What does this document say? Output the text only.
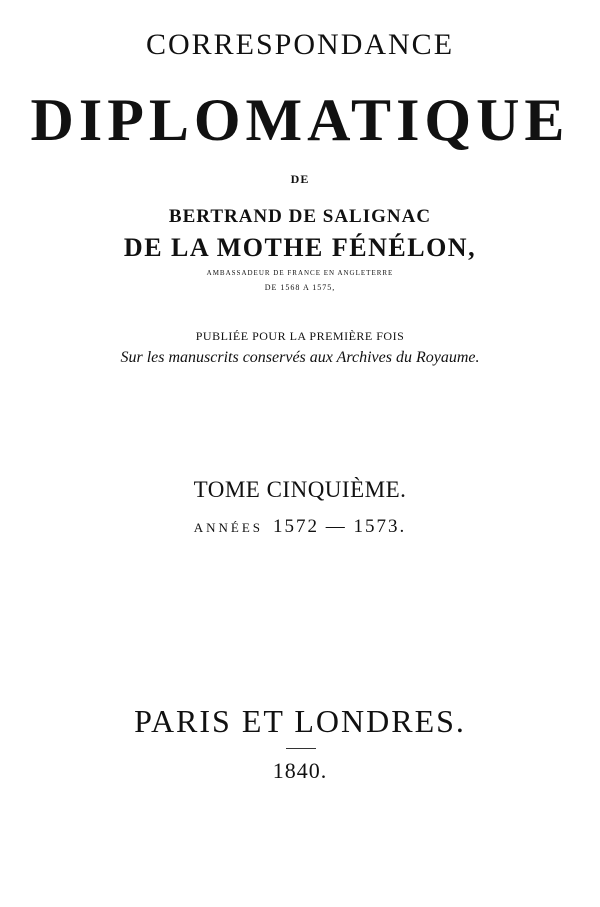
CORRESPONDANCE
DIPLOMATIQUE
DE
BERTRAND DE SALIGNAC
DE LA MOTHE FÉNÉLON,
AMBASSADEUR DE FRANCE EN ANGLETERRE
DE 1568 A 1575,
PUBLIÉE POUR LA PREMIÈRE FOIS
Sur les manuscrits conservés aux Archives du Royaume.
TOME CINQUIÈME.
ANNÉES 1572 — 1573.
PARIS ET LONDRES.
1840.
